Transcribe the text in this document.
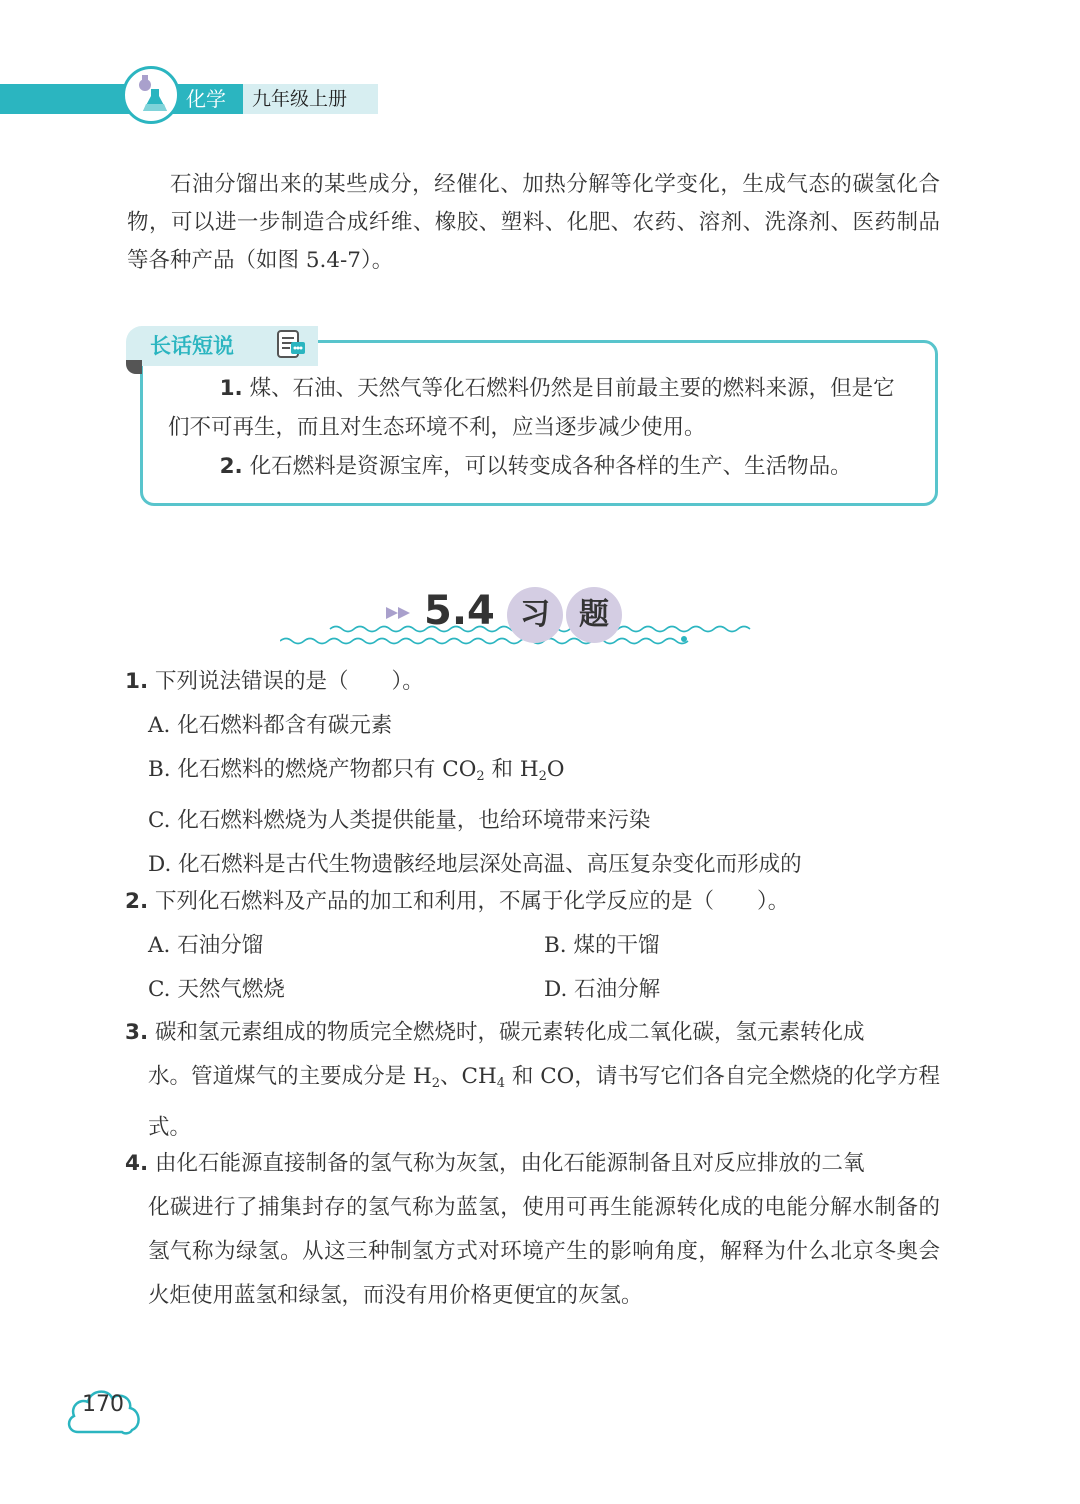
化学 九年级上册

石油分馏出来的某些成分，经催化、加热分解等化学变化，生成气态的碳氢化合物，可以进一步制造合成纤维、橡胶、塑料、化肥、农药、溶剂、洗涤剂、医药制品等各种产品（如图 5.4-7）。

长话短说

1. 煤、石油、天然气等化石燃料仍然是目前最主要的燃料来源，但是它们不可再生，而且对生态环境不利，应当逐步减少使用。

2. 化石燃料是资源宝库，可以转变成各种各样的生产、生活物品。

5.4 习 题

1. 下列说法错误的是（　　）。

A. 化石燃料都含有碳元素

B. 化石燃料的燃烧产物都只有 $CO_2$ 和 $H_2O$

C. 化石燃料燃烧为人类提供能量，也给环境带来污染

D. 化石燃料是古代生物遗骸经地层深处高温、高压复杂变化而形成的

2. 下列化石燃料及产品的加工和利用，不属于化学反应的是（　　）。

A. 石油分馏	B. 煤的干馏
C. 天然气燃烧	D. 石油分解

3. 碳和氢元素组成的物质完全燃烧时，碳元素转化成二氧化碳，氢元素转化成

水。管道煤气的主要成分是 $H_2$、$CH_4$ 和 CO，请书写它们各自完全燃烧的化学方程式。

4. 由化石能源直接制备的氢气称为灰氢，由化石能源制备且对反应排放的二氧

化碳进行了捕集封存的氢气称为蓝氢，使用可再生能源转化成的电能分解水制备的氢气称为绿氢。从这三种制氢方式对环境产生的影响角度，解释为什么北京冬奥会火炬使用蓝氢和绿氢，而没有用价格更便宜的灰氢。

170
